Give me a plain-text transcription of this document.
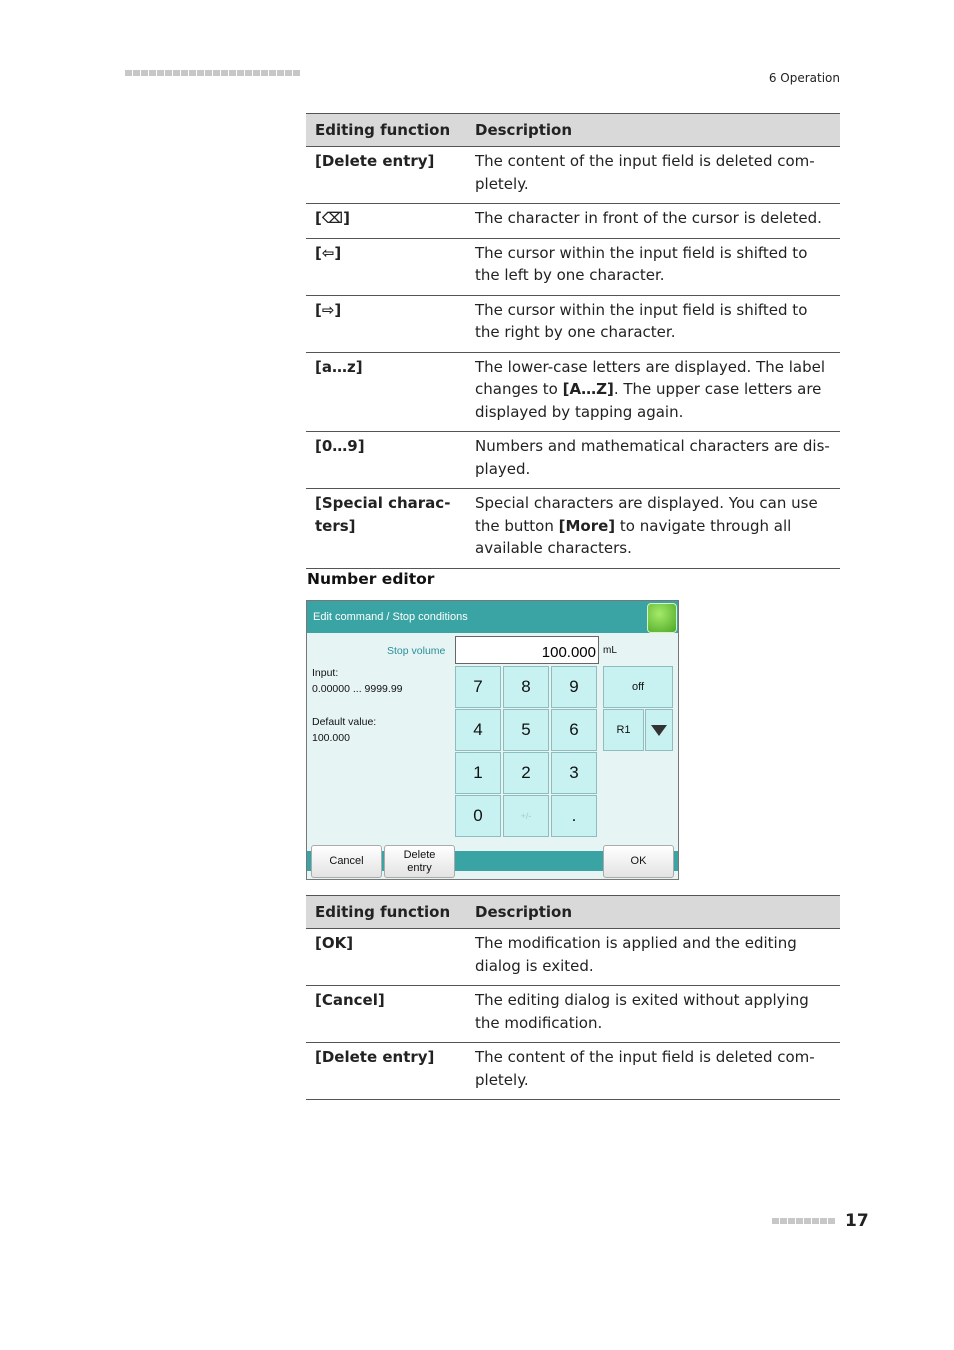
6 Operation
Editing function	Description
[Delete entry]	The content of the input field is deleted com-pletely.
[⌫]	The character in front of the cursor is deleted.
[⇦]	The cursor within the input field is shifted to the left by one character.
[⇨]	The cursor within the input field is shifted to the right by one character.
[a…z]	The lower-case letters are displayed. The label changes to [A…Z]. The upper case letters are displayed by tapping again.
[0…9]	Numbers and mathematical characters are dis-played.
[Special charac-ters]	Special characters are displayed. You can use the button [More] to navigate through all available characters.
Number editor
Edit command / Stop conditions
Stop volume	100.000 mL
Input:
0.00000 ... 9999.99
Default value:
100.000
7	8	9
4	5	6
1	2	3
0	+/-	.
off
R1
Cancel
Delete
entry
OK
Editing function	Description
[OK]	The modification is applied and the editing dialog is exited.
[Cancel]	The editing dialog is exited without applying the modification.
[Delete entry]	The content of the input field is deleted com-pletely.
17
